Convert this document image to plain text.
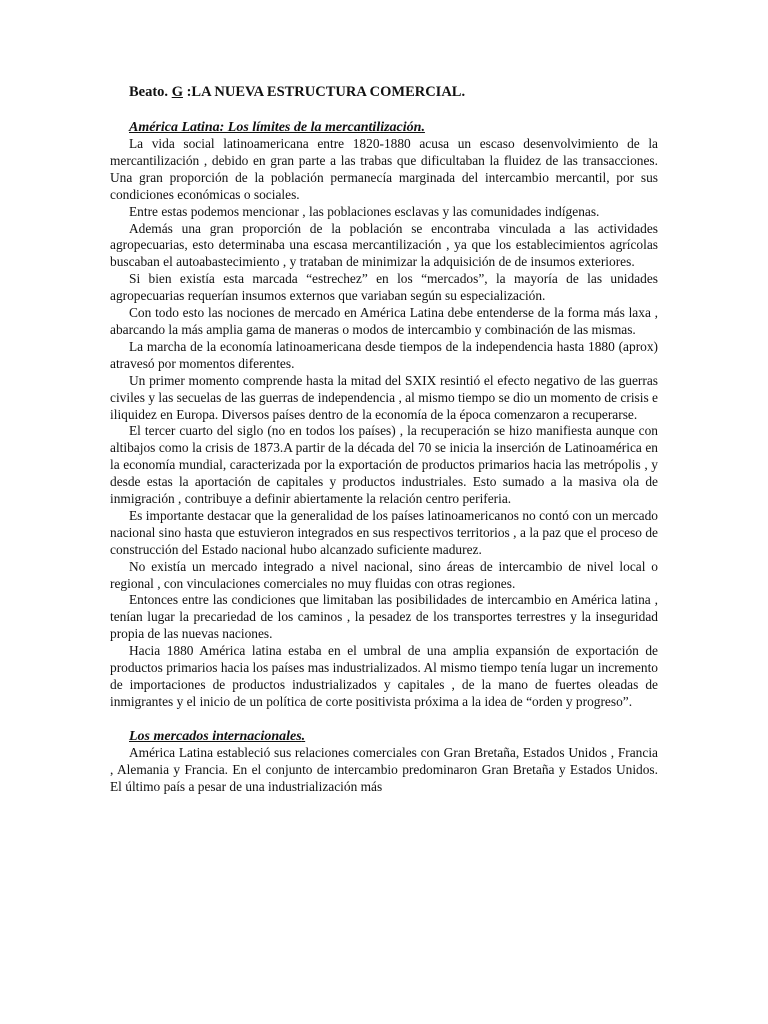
Beato. G :LA NUEVA ESTRUCTURA COMERCIAL.
América Latina: Los límites de la mercantilización.

La vida social latinoamericana entre 1820-1880 acusa un escaso desenvolvimiento de la mercantilización , debido en gran parte a las trabas que dificultaban la fluidez de las transacciones. Una gran proporción de la población permanecía marginada del intercambio mercantil, por sus condiciones económicas o sociales.

Entre estas podemos mencionar , las poblaciones esclavas y las comunidades indígenas.

Además una gran proporción de la población se encontraba vinculada a las actividades agropecuarias, esto determinaba una escasa mercantilización , ya que los establecimientos agrícolas buscaban el autoabastecimiento , y trataban de minimizar la adquisición de de insumos exteriores.

Si bien existía esta marcada “estrechez” en los “mercados”, la mayoría de las unidades agropecuarias requerían insumos externos que variaban según su especialización.

Con todo esto las nociones de mercado en América Latina debe entenderse de la forma más laxa , abarcando la más amplia gama de maneras o modos de intercambio y combinación de las mismas.

La marcha de la economía latinoamericana desde tiempos de la independencia hasta 1880 (aprox) atravesó por momentos diferentes.

Un primer momento comprende hasta la mitad del SXIX resintió el efecto negativo de las guerras civiles y las secuelas de las guerras de independencia , al mismo tiempo se dio un momento de crisis e iliquidez en Europa. Diversos países dentro de la economía de la época comenzaron a recuperarse.

El tercer cuarto del siglo (no en todos los países) , la recuperación se hizo manifiesta aunque con altibajos como la crisis de 1873.A partir de la década del 70 se inicia la inserción de Latinoamérica en la economía mundial, caracterizada por la exportación de productos primarios hacia las metrópolis , y desde estas la aportación de capitales y productos industriales. Esto sumado a la masiva ola de inmigración , contribuye a definir abiertamente la relación centro periferia.

Es importante destacar que la generalidad de los países latinoamericanos no contó con un mercado nacional sino hasta que estuvieron integrados en sus respectivos territorios , a la paz que el proceso de construcción del Estado nacional hubo alcanzado suficiente madurez.

No existía un mercado integrado a nivel nacional, sino áreas de intercambio de nivel local o regional , con vinculaciones comerciales no muy fluidas con otras regiones.

Entonces entre las condiciones que limitaban las posibilidades de intercambio en América latina , tenían lugar la precariedad de los caminos , la pesadez de los transportes terrestres y la inseguridad propia de las nuevas naciones.

Hacia 1880 América latina estaba en el umbral de una amplia expansión de exportación de productos primarios hacia los países mas industrializados. Al mismo tiempo tenía lugar un incremento de importaciones de productos industrializados y capitales , de la mano de fuertes oleadas de inmigrantes y el inicio de un política de corte positivista próxima a la idea de “orden y progreso”.

Los mercados internacionales.

América Latina estableció sus relaciones comerciales con Gran Bretaña, Estados Unidos , Francia , Alemania y Francia. En el conjunto de intercambio predominaron Gran Bretaña y Estados Unidos. El último país a pesar de una industrialización más
